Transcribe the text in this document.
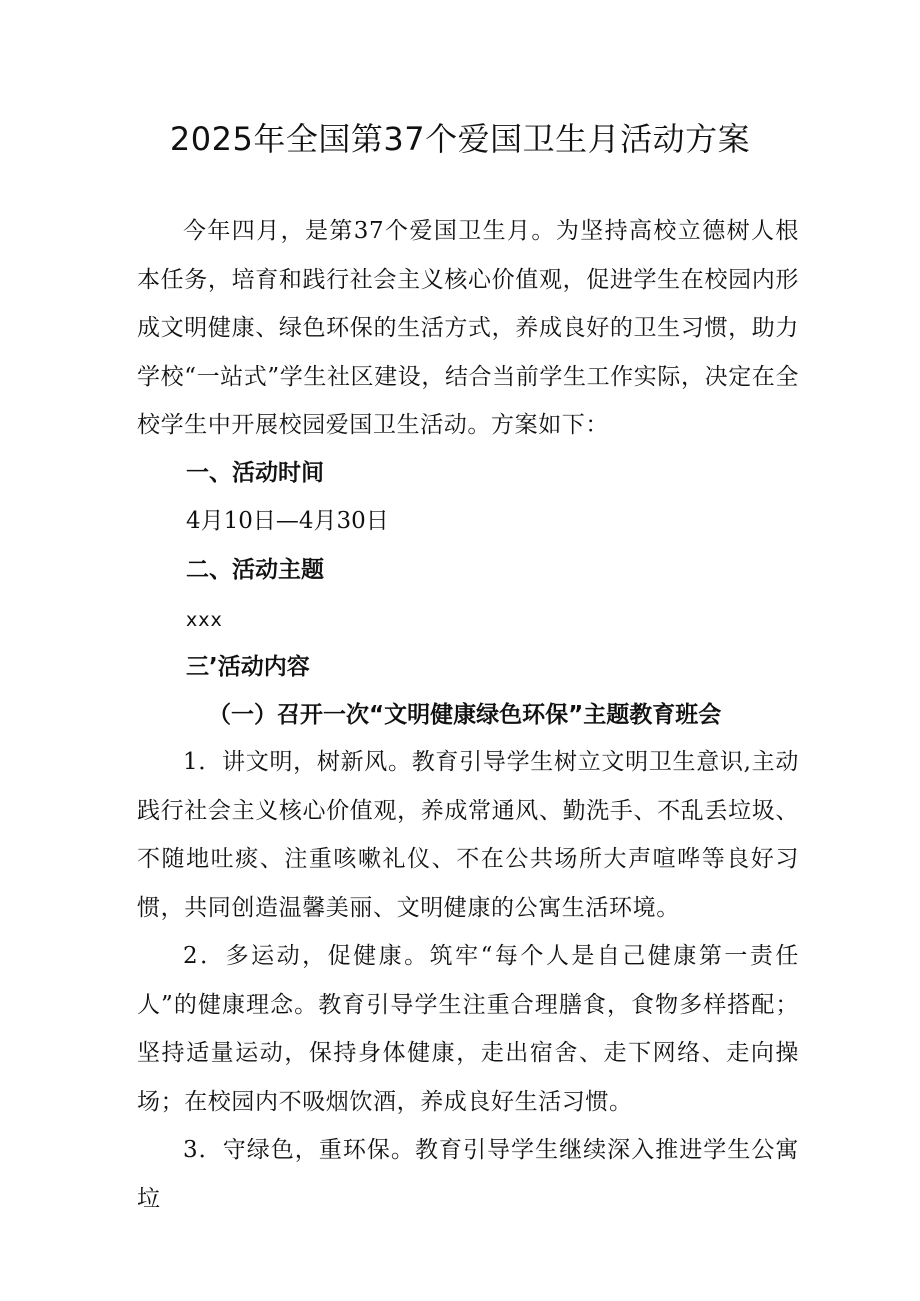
2025年全国第37个爱国卫生月活动方案

今年四月，是第37个爱国卫生月。为坚持高校立德树人根本任务，培育和践行社会主义核心价值观，促进学生在校园内形成文明健康、绿色环保的生活方式，养成良好的卫生习惯，助力学校“一站式”学生社区建设，结合当前学生工作实际，决定在全校学生中开展校园爱国卫生活动。方案如下：

一、活动时间

4月10日—4月30日

二、活动主题

xxx

三’活动内容

（一）召开一次“文明健康绿色环保”主题教育班会

1．讲文明，树新风。教育引导学生树立文明卫生意识,主动践行社会主义核心价值观，养成常通风、勤洗手、不乱丢垃圾、不随地吐痰、注重咳嗽礼仪、不在公共场所大声喧哗等良好习惯，共同创造温馨美丽、文明健康的公寓生活环境。

2．多运动，促健康。筑牢“每个人是自己健康第一责任人”的健康理念。教育引导学生注重合理膳食，食物多样搭配；坚持适量运动，保持身体健康，走出宿舍、走下网络、走向操场；在校园内不吸烟饮酒，养成良好生活习惯。

3．守绿色，重环保。教育引导学生继续深入推进学生公寓垃
